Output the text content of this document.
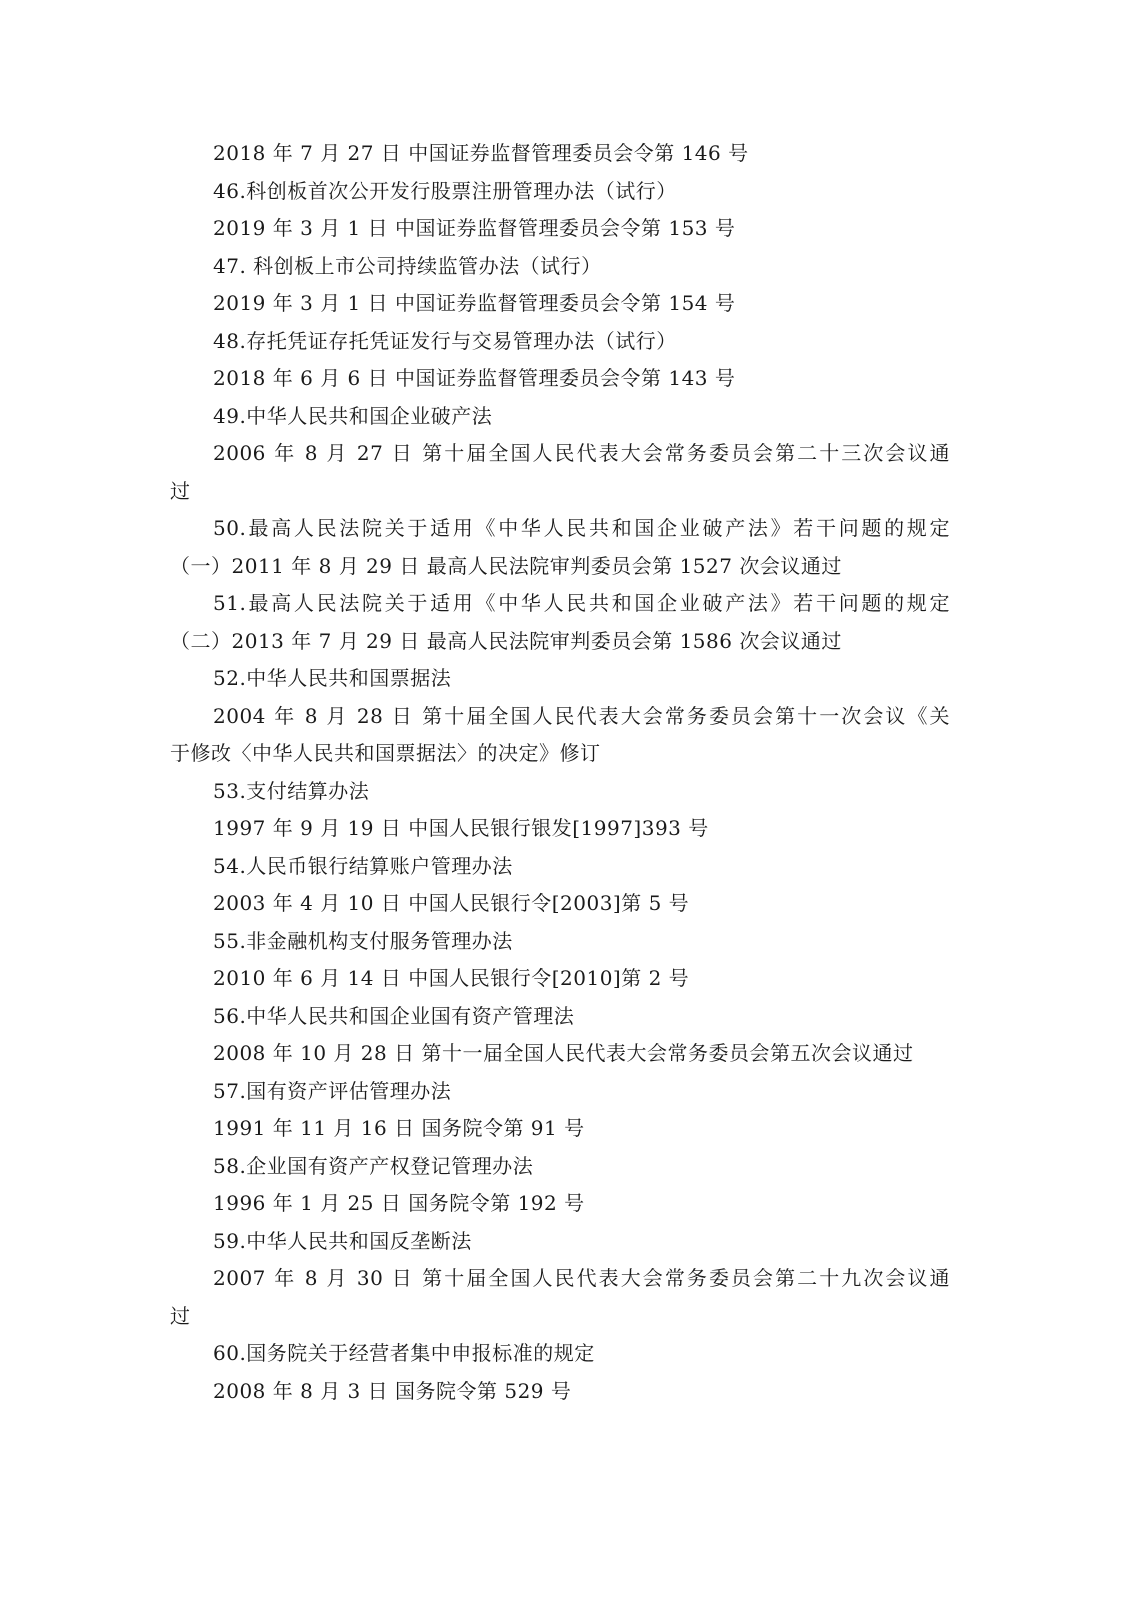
2018 年 7 月 27 日 中国证券监督管理委员会令第 146 号
46.科创板首次公开发行股票注册管理办法（试行）
2019 年 3 月 1 日 中国证券监督管理委员会令第 153 号
47. 科创板上市公司持续监管办法（试行）
2019 年 3 月 1 日 中国证券监督管理委员会令第 154 号
48.存托凭证存托凭证发行与交易管理办法（试行）
2018 年 6 月 6 日 中国证券监督管理委员会令第 143 号
49.中华人民共和国企业破产法
2006 年 8 月 27 日 第十届全国人民代表大会常务委员会第二十三次会议通
过
50.最高人民法院关于适用《中华人民共和国企业破产法》若干问题的规定
（一）2011 年 8 月 29 日 最高人民法院审判委员会第 1527 次会议通过
51.最高人民法院关于适用《中华人民共和国企业破产法》若干问题的规定
（二）2013 年 7 月 29 日 最高人民法院审判委员会第 1586 次会议通过
52.中华人民共和国票据法
2004 年 8 月 28 日 第十届全国人民代表大会常务委员会第十一次会议《关
于修改〈中华人民共和国票据法〉的决定》修订
53.支付结算办法
1997 年 9 月 19 日 中国人民银行银发[1997]393 号
54.人民币银行结算账户管理办法
2003 年 4 月 10 日 中国人民银行令[2003]第 5 号
55.非金融机构支付服务管理办法
2010 年 6 月 14 日 中国人民银行令[2010]第 2 号
56.中华人民共和国企业国有资产管理法
2008 年 10 月 28 日 第十一届全国人民代表大会常务委员会第五次会议通过
57.国有资产评估管理办法
1991 年 11 月 16 日 国务院令第 91 号
58.企业国有资产产权登记管理办法
1996 年 1 月 25 日 国务院令第 192 号
59.中华人民共和国反垄断法
2007 年 8 月 30 日 第十届全国人民代表大会常务委员会第二十九次会议通
过
60.国务院关于经营者集中申报标准的规定
2008 年 8 月 3 日 国务院令第 529 号
